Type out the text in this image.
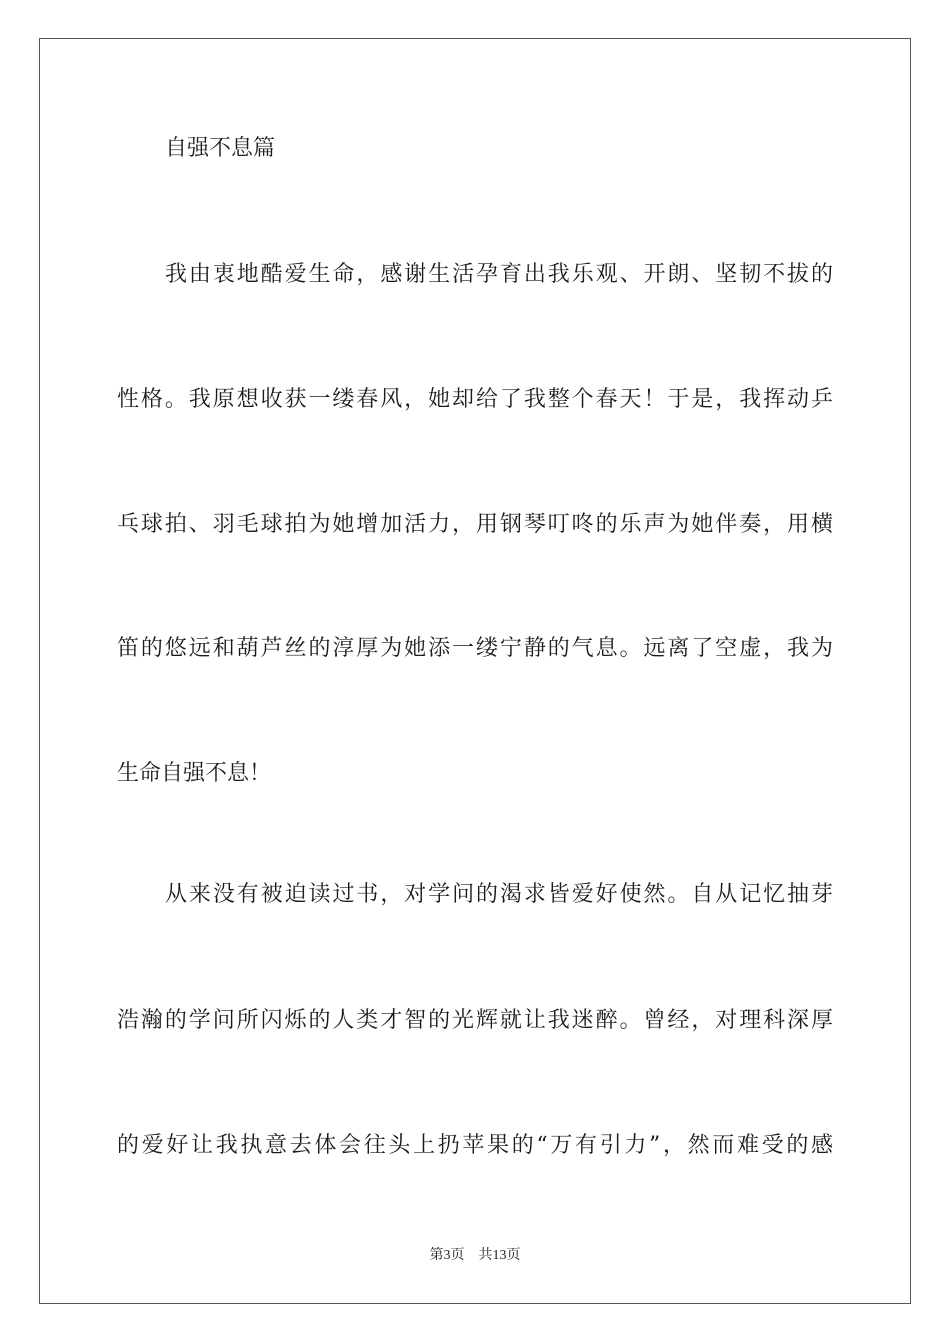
自强不息篇
我由衷地酷爱生命，感谢生活孕育出我乐观、开朗、坚韧不拔的
性格。我原想收获一缕春风，她却给了我整个春天！于是，我挥动乒
乓球拍、羽毛球拍为她增加活力，用钢琴叮咚的乐声为她伴奏，用横
笛的悠远和葫芦丝的淳厚为她添一缕宁静的气息。远离了空虚，我为
生命自强不息！
从来没有被迫读过书，对学问的渴求皆爱好使然。自从记忆抽芽
浩瀚的学问所闪烁的人类才智的光辉就让我迷醉。曾经，对理科深厚
的爱好让我执意去体会往头上扔苹果的“万有引力”，然而难受的感
第3页 共13页
